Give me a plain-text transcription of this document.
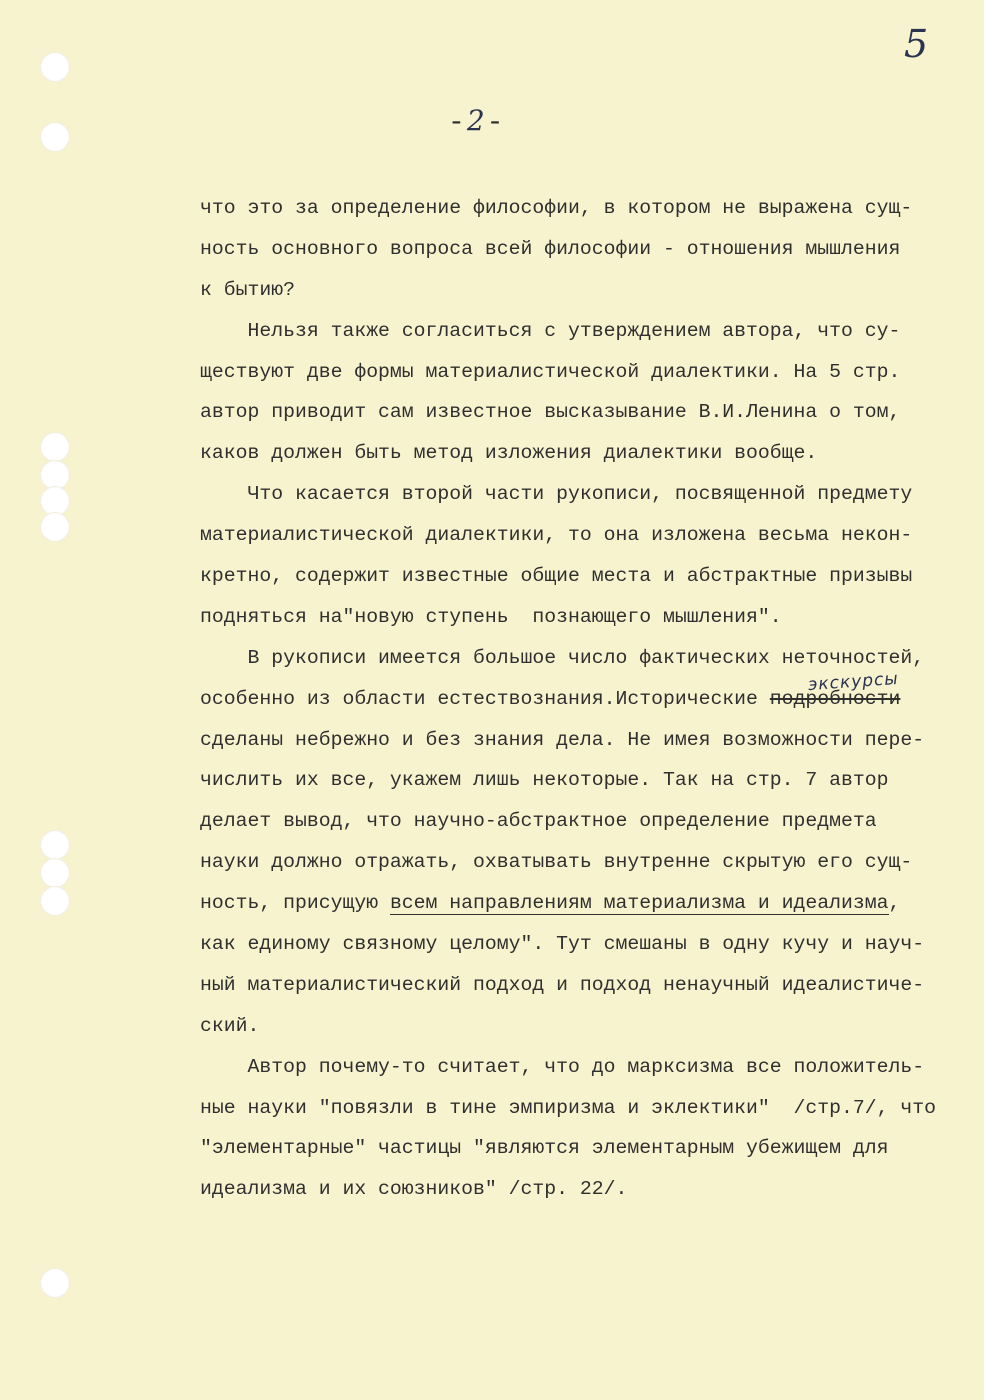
5
-2-
экскурсы
что это за определение философии, в котором не выражена сущ-
ность основного вопроса всей философии - отношения мышления
к бытию?
Нельзя также согласиться с утверждением автора, что су-
ществуют две формы материалистической диалектики. На 5 стр.
автор приводит сам известное высказывание В.И.Ленина о том,
каков должен быть метод изложения диалектики вообще.
Что касается второй части рукописи, посвященной предмету
материалистической диалектики, то она изложена весьма некон-
кретно, содержит известные общие места и абстрактные призывы
подняться на"новую ступень  познающего мышления".
В рукописи имеется большое число фактических неточностей,
особенно из области естествознания.Исторические подробности
сделаны небрежно и без знания дела. Не имея возможности пере-
числить их все, укажем лишь некоторые. Так на стр. 7 автор
делает вывод, что научно-абстрактное определение предмета
науки должно отражать, охватывать внутренне скрытую его сущ-
ность, присущую всем направлениям материализма и идеализма,
как единому связному целому". Тут смешаны в одну кучу и науч-
ный материалистический подход и подход ненаучный идеалистиче-
ский.
Автор почему-то считает, что до марксизма все положитель-
ные науки "повязли в тине эмпиризма и эклектики"  /стр.7/, что
"элементарные" частицы "являются элементарным убежищем для
идеализма и их союзников" /стр. 22/.
